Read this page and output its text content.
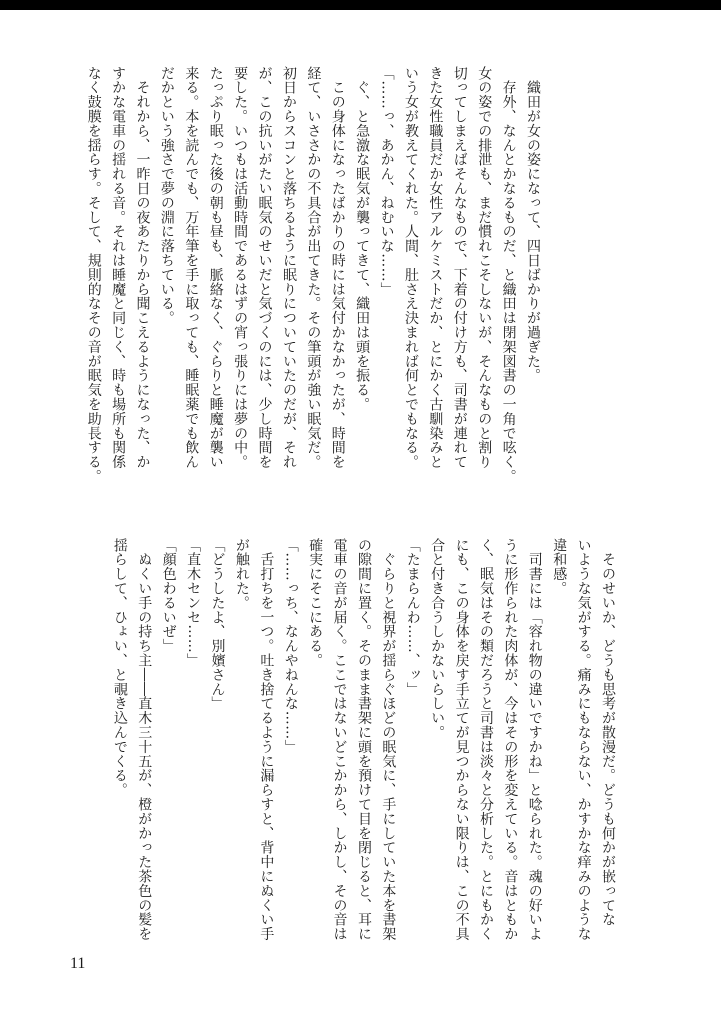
　織田が女の姿になって、四日ばかりが過ぎた。
　存外、なんとかなるものだ、と織田は閉架図書の一角で呟く。
女の姿での排泄も、まだ慣れこそしないが、そんなものと割り
切ってしまえばそんなもので、下着の付け方も、司書が連れて
きた女性職員だか女性アルケミストだか、とにかく古馴染みと
いう女が教えてくれた。人間、肚さえ決まれば何とでもなる。
「……っ、あかん、ねむいな……」
　ぐ、と急激な眠気が襲ってきて、織田は頭を振る。
　この身体になったばかりの時には気付かなかったが、時間を
経て、いささかの不具合が出てきた。その筆頭が強い眠気だ。
初日からスコンと落ちるように眠りについていたのだが、それ
が、この抗いがたい眠気のせいだと気づくのには、少し時間を
要した。いつもは活動時間であるはずの宵っ張りには夢の中。
たっぷり眠った後の朝も昼も、脈絡なく、ぐらりと睡魔が襲い
来る。本を読んでも、万年筆を手に取っても、睡眠薬でも飲ん
だかという強さで夢の淵に落ちている。
　それから、一昨日の夜あたりから聞こえるようになった、か
すかな電車の揺れる音。それは睡魔と同じく、時も場所も関係
なく鼓膜を揺らす。そして、規則的なその音が眠気を助長する。
　そのせいか、どうも思考が散漫だ。どうも何かが嵌ってな
いような気がする。痛みにもならない、かすかな痒みのような
違和感。
　司書には「容れ物の違いですかね」と唸られた。魂の好いよ
うに形作られた肉体が、今はその形を変えている。音はともか
く、眠気はその類だろうと司書は淡々と分析した。とにもかく
にも、この身体を戻す手立てが見つからない限りは、この不具
合と付き合うしかないらしい。
「たまらんわ……、ッ」
　ぐらりと視界が揺らぐほどの眠気に、手にしていた本を書架
の隙間に置く。そのまま書架に頭を預けて目を閉じると、耳に
電車の音が届く。ここではないどこかから、しかし、その音は
確実にそこにある。
「……っち、なんやねんな……」
　舌打ちを一つ。吐き捨てるように漏らすと、背中にぬくい手
が触れた。
「どうしたよ、別嬪さん」
「直木センセ……」
「顔色わるいぜ」
　ぬくい手の持ち主――直木三十五が、橙がかった茶色の髪を
揺らして、ひょい、と覗き込んでくる。
11
